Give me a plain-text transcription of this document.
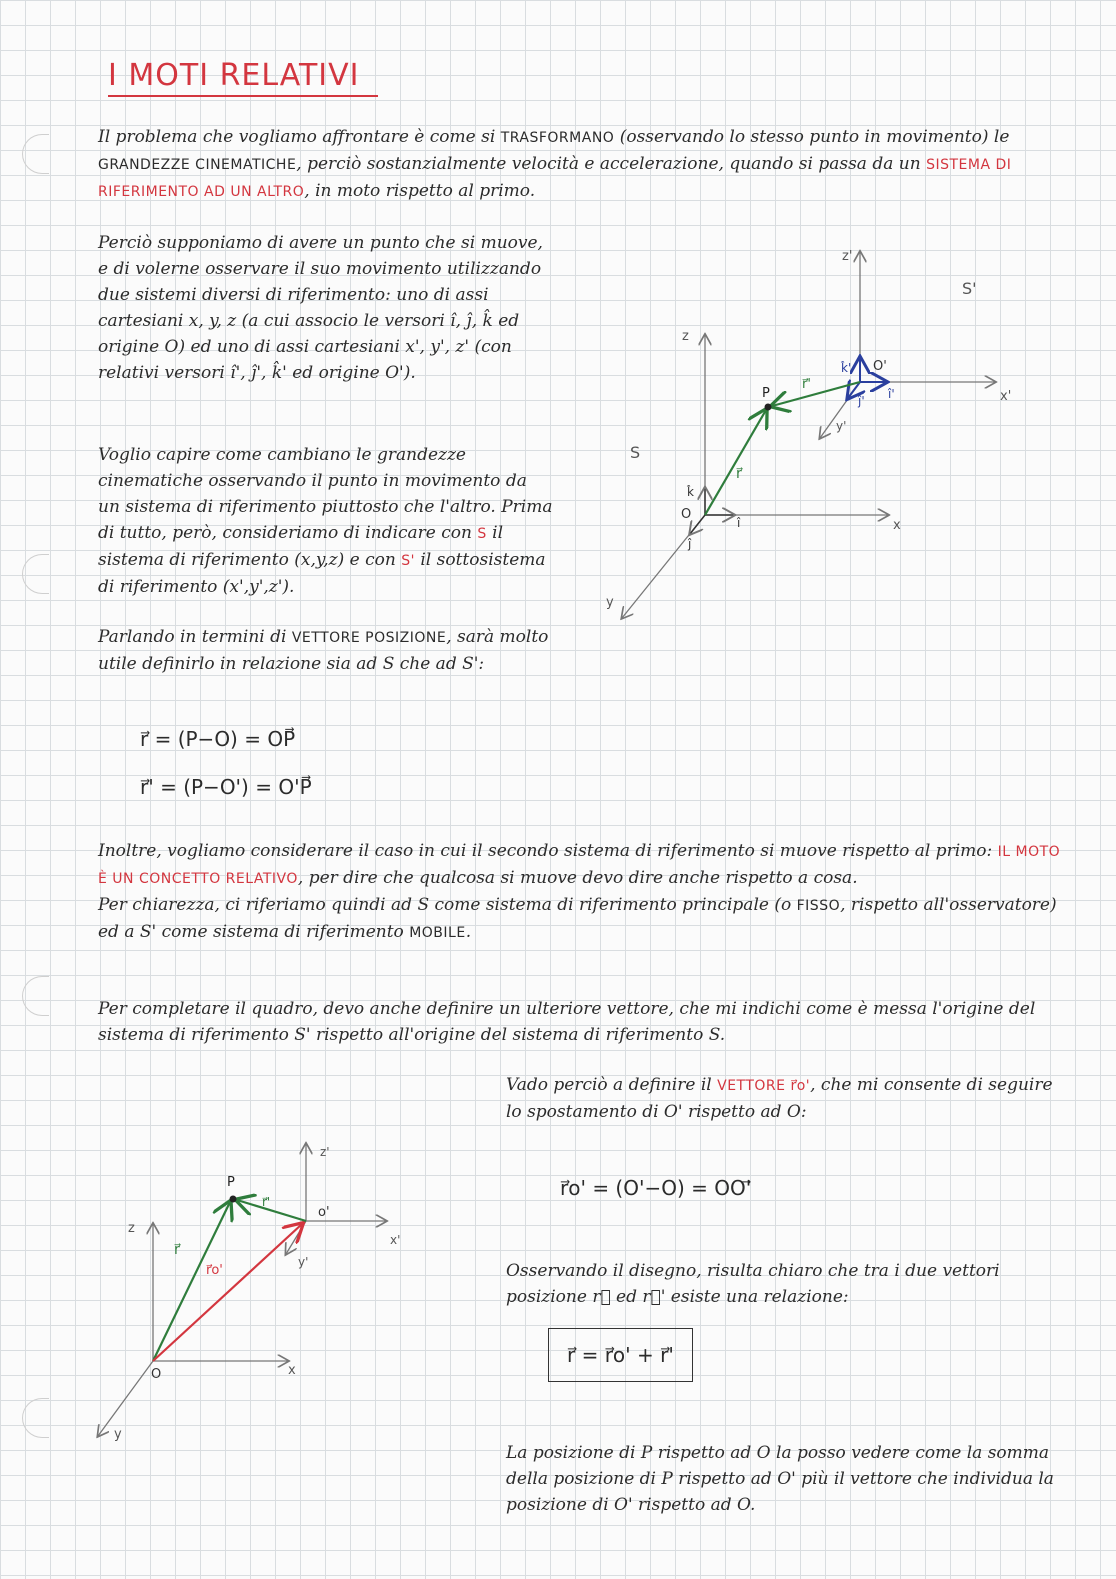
I MOTI RELATIVI

Il problema che vogliamo affrontare è come si TRASFORMANO (osservando lo stesso punto in movimento) le GRANDEZZE CINEMATICHE, perciò sostanzialmente velocità e accelerazione, quando si passa da un SISTEMA DI RIFERIMENTO AD UN ALTRO, in moto rispetto al primo.

Perciò supponiamo di avere un punto che si muove, e di volerne osservare il suo movimento utilizzando due sistemi diversi di riferimento: uno di assi cartesiani x, y, z (a cui associo le versori î, ĵ, k̂ ed origine O) ed uno di assi cartesiani x', y', z' (con relativi versori î', ĵ', k̂' ed origine O').

Voglio capire come cambiano le grandezze cinematiche osservando il punto in movimento da un sistema di riferimento piuttosto che l'altro. Prima di tutto, però, consideriamo di indicare con S il sistema di riferimento (x,y,z) e con S' il sottosistema di riferimento (x',y',z').

Parlando in termini di VETTORE POSIZIONE, sarà molto utile definirlo in relazione sia ad S che ad S':

r⃗ = (P−O) = OP⃗

r⃗' = (P−O') = O'P⃗

Inoltre, vogliamo considerare il caso in cui il secondo sistema di riferimento si muove rispetto al primo: IL MOTO È UN CONCETTO RELATIVO, per dire che qualcosa si muove devo dire anche rispetto a cosa.
Per chiarezza, ci riferiamo quindi ad S come sistema di riferimento principale (o FISSO, rispetto all'osservatore) ed a S' come sistema di riferimento MOBILE.

Per completare il quadro, devo anche definire un ulteriore vettore, che mi indichi come è messa l'origine del sistema di riferimento S' rispetto all'origine del sistema di riferimento S.

Vado perciò a definire il VETTORE r⃗o', che mi consente di seguire lo spostamento di O' rispetto ad O:

r⃗o' = (O'−O) = OO'⃗

Osservando il disegno, risulta chiaro che tra i due vettori posizione r⃗ ed r⃗' esiste una relazione:

r⃗ = r⃗o' + r⃗'

La posizione di P rispetto ad O la posso vedere come la somma della posizione di P rispetto ad O' più il vettore che individua la posizione di O' rispetto ad O.

z
x
y
O
î
ĵ
k̂
z'
x'
y'
O'
î'
ĵ'
k̂'
P
r⃗
r⃗'
S
S'
z
x
y
O
z'
x'
y'
o'
P
r⃗
r⃗'
r⃗o'
